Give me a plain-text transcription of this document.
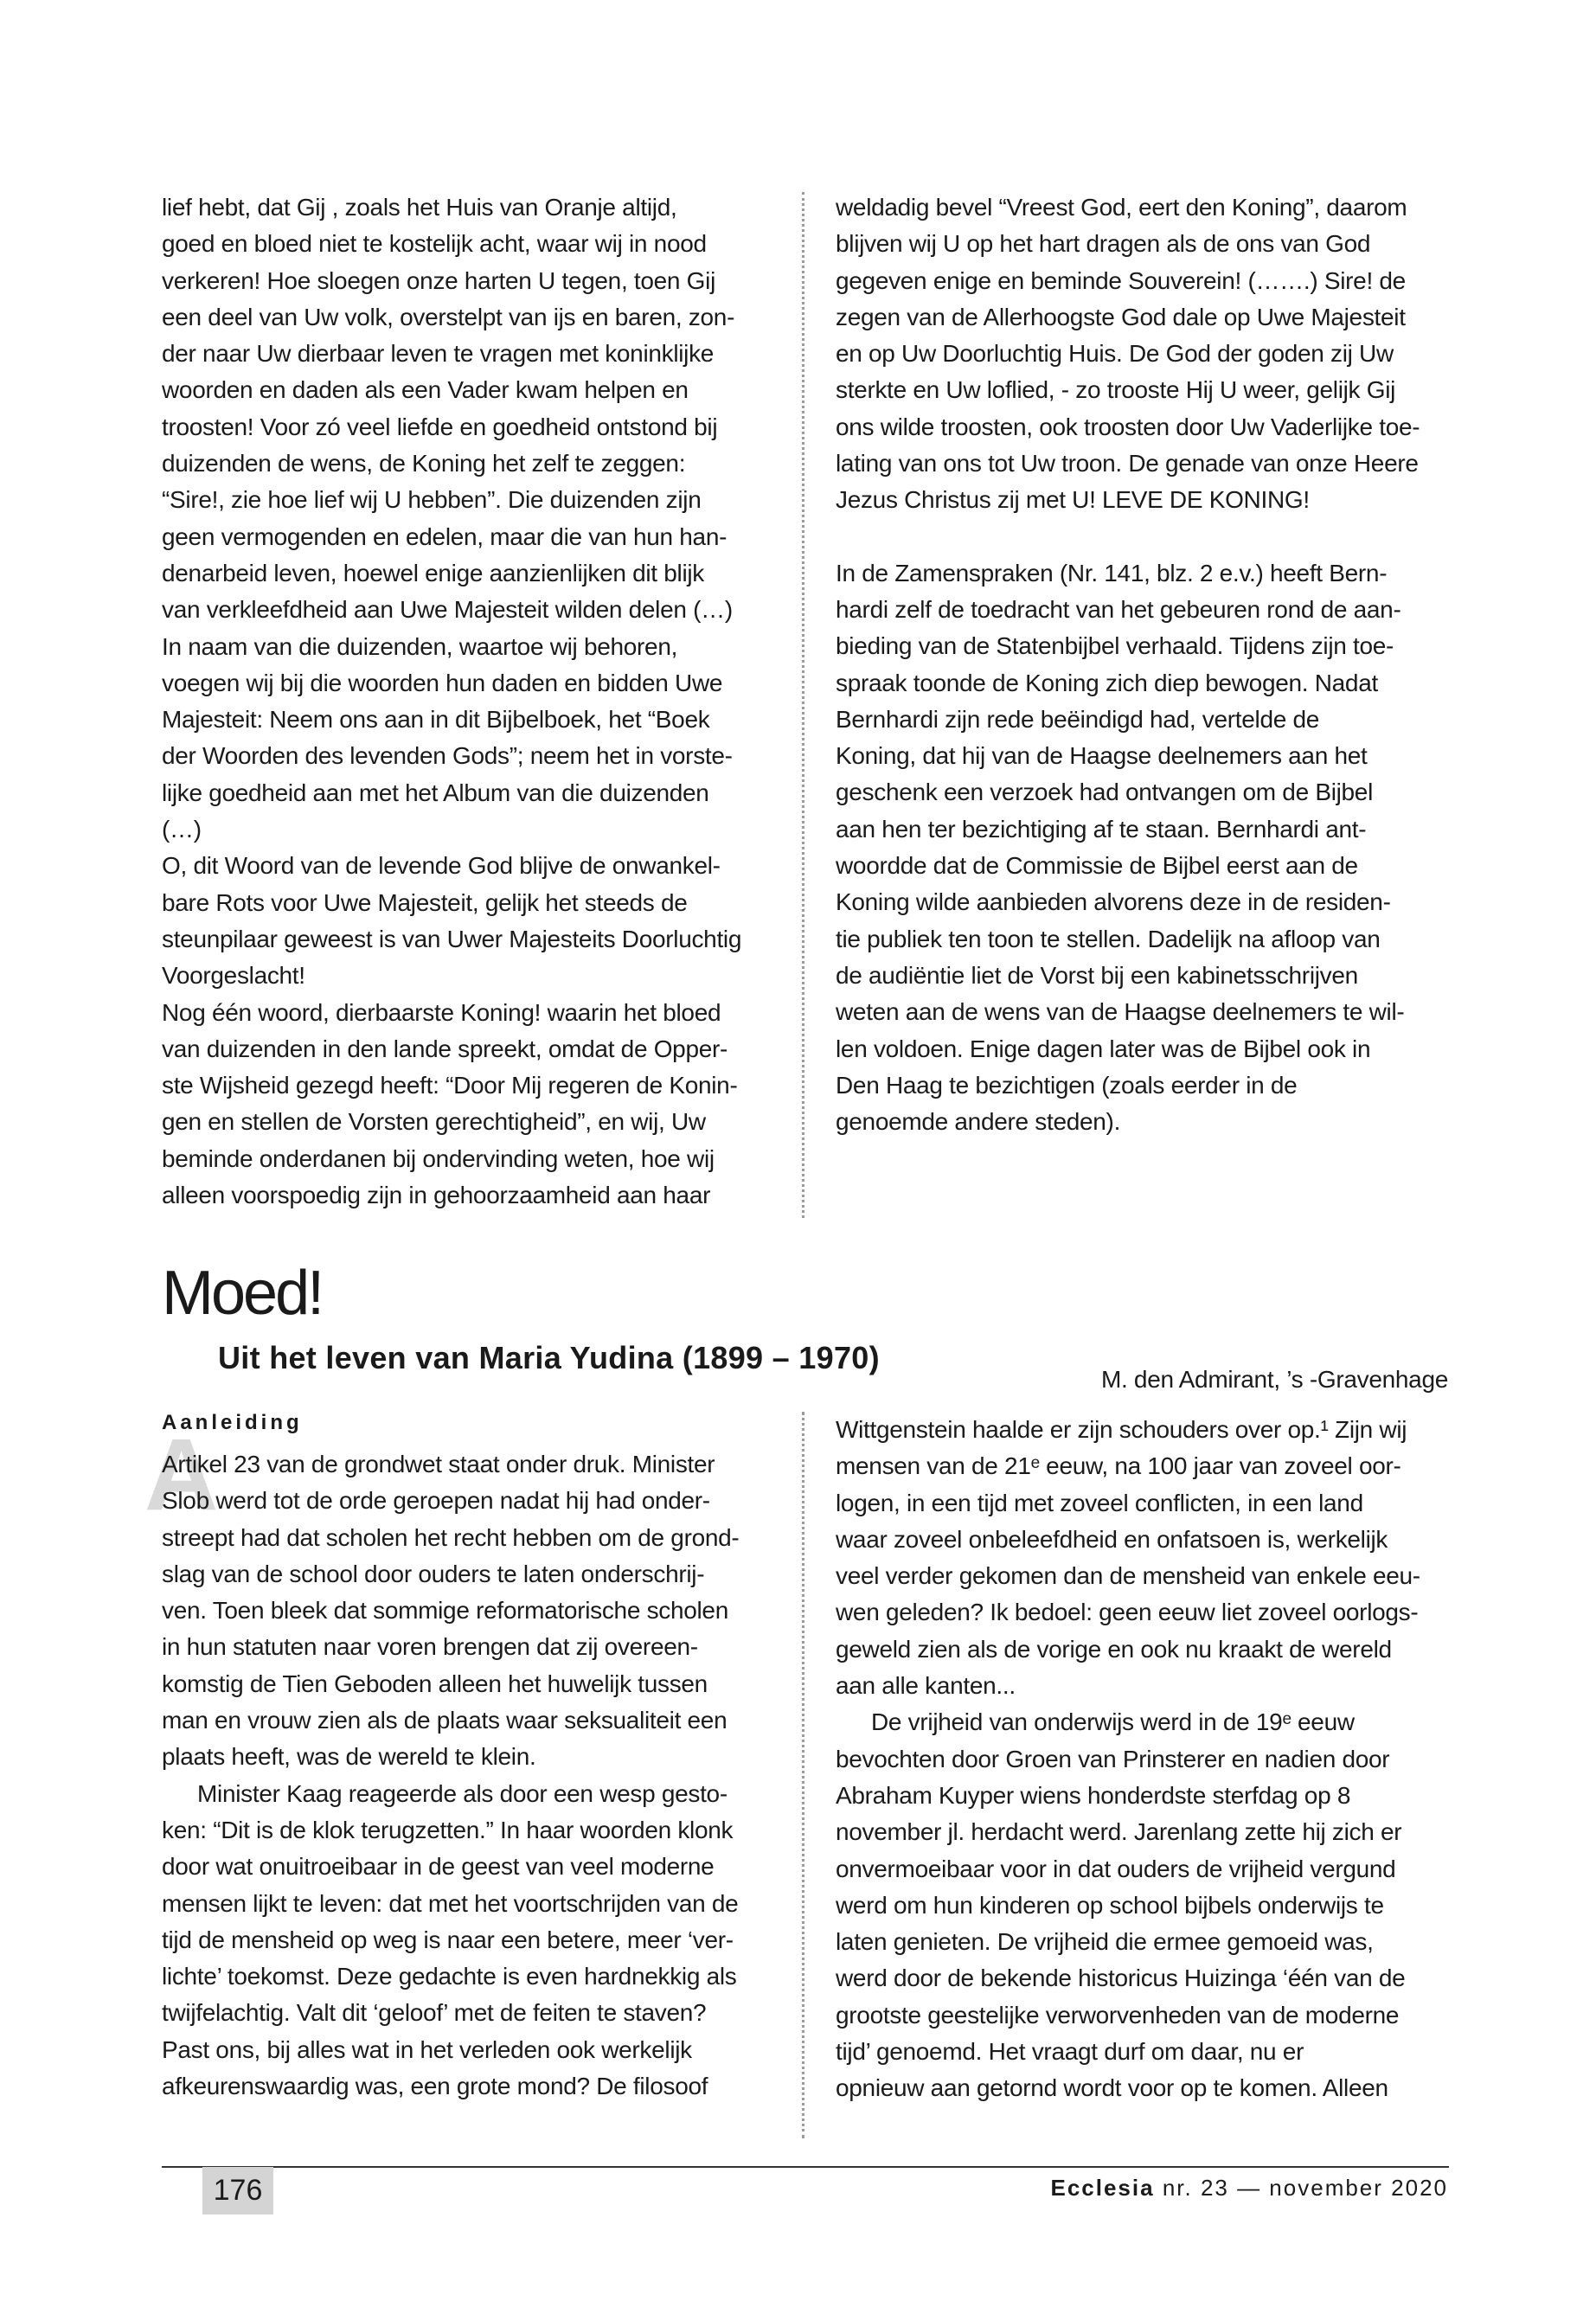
lief hebt, dat Gij , zoals het Huis van Oranje altijd,

goed en bloed niet te kostelijk acht, waar wij in nood

verkeren! Hoe sloegen onze harten U tegen, toen Gij

een deel van Uw volk, overstelpt van ijs en baren, zon-

der naar Uw dierbaar leven te vragen met koninklijke

woorden en daden als een Vader kwam helpen en

troosten! Voor zó veel liefde en goedheid ontstond bij

duizenden de wens, de Koning het zelf te zeggen:

“Sire!, zie hoe lief wij U hebben”. Die duizenden zijn

geen vermogenden en edelen, maar die van hun han-

denarbeid leven, hoewel enige aanzienlijken dit blijk

van verkleefdheid aan Uwe Majesteit wilden delen (…)

In naam van die duizenden, waartoe wij behoren,

voegen wij bij die woorden hun daden en bidden Uwe

Majesteit: Neem ons aan in dit Bijbelboek, het “Boek

der Woorden des levenden Gods”; neem het in vorste-

lijke goedheid aan met het Album van die duizenden

(…)

O, dit Woord van de levende God blijve de onwankel-

bare Rots voor Uwe Majesteit, gelijk het steeds de

steunpilaar geweest is van Uwer Majesteits Doorluchtig

Voorgeslacht!

Nog één woord, dierbaarste Koning! waarin het bloed

van duizenden in den lande spreekt, omdat de Opper-

ste Wijsheid gezegd heeft: “Door Mij regeren de Konin-

gen en stellen de Vorsten gerechtigheid”, en wij, Uw

beminde onderdanen bij ondervinding weten, hoe wij

alleen voorspoedig zijn in gehoorzaamheid aan haar

weldadig bevel “Vreest God, eert den Koning”, daarom

blijven wij U op het hart dragen als de ons van God

gegeven enige en beminde Souverein! (…….) Sire! de

zegen van de Allerhoogste God dale op Uwe Majesteit

en op Uw Doorluchtig Huis. De God der goden zij Uw

sterkte en Uw loflied, - zo trooste Hij U weer, gelijk Gij

ons wilde troosten, ook troosten door Uw Vaderlijke toe-

lating van ons tot Uw troon. De genade van onze Heere

Jezus Christus zij met U! LEVE DE KONING!

In de Zamenspraken (Nr. 141, blz. 2 e.v.) heeft Bern-

hardi zelf de toedracht van het gebeuren rond de aan-

bieding van de Statenbijbel verhaald. Tijdens zijn toe-

spraak toonde de Koning zich diep bewogen. Nadat

Bernhardi zijn rede beëindigd had, vertelde de

Koning, dat hij van de Haagse deelnemers aan het

geschenk een verzoek had ontvangen om de Bijbel

aan hen ter bezichtiging af te staan. Bernhardi ant-

woordde dat de Commissie de Bijbel eerst aan de

Koning wilde aanbieden alvorens deze in de residen-

tie publiek ten toon te stellen. Dadelijk na afloop van

de audiëntie liet de Vorst bij een kabinetsschrijven

weten aan de wens van de Haagse deelnemers te wil-

len voldoen. Enige dagen later was de Bijbel ook in

Den Haag te bezichtigen (zoals eerder in de

genoemde andere steden).

M. den Admirant, ’s -Gravenhage

Moed!
Uit het leven van Maria Yudina (1899 – 1970)
A
Aanleiding

Artikel 23 van de grondwet staat onder druk. Minister

Slob werd tot de orde geroepen nadat hij had onder-

streept had dat scholen het recht hebben om de grond-

slag van de school door ouders te laten onderschrij-

ven. Toen bleek dat sommige reformatorische scholen

in hun statuten naar voren brengen dat zij overeen-

komstig de Tien Geboden alleen het huwelijk tussen

man en vrouw zien als de plaats waar seksualiteit een

plaats heeft, was de wereld te klein.

Minister Kaag reageerde als door een wesp gesto-

ken: “Dit is de klok terugzetten.” In haar woorden klonk

door wat onuitroeibaar in de geest van veel moderne

mensen lijkt te leven: dat met het voortschrijden van de

tijd de mensheid op weg is naar een betere, meer ‘ver-

lichte’ toekomst. Deze gedachte is even hardnekkig als

twijfelachtig. Valt dit ‘geloof’ met de feiten te staven?

Past ons, bij alles wat in het verleden ook werkelijk

afkeurenswaardig was, een grote mond? De filosoof

Wittgenstein haalde er zijn schouders over op.¹ Zijn wij

mensen van de 21ᵉ eeuw, na 100 jaar van zoveel oor-

logen, in een tijd met zoveel conflicten, in een land

waar zoveel onbeleefdheid en onfatsoen is, werkelijk

veel verder gekomen dan de mensheid van enkele eeu-

wen geleden? Ik bedoel: geen eeuw liet zoveel oorlogs-

geweld zien als de vorige en ook nu kraakt de wereld

aan alle kanten...

De vrijheid van onderwijs werd in de 19ᵉ eeuw

bevochten door Groen van Prinsterer en nadien door

Abraham Kuyper wiens honderdste sterfdag op 8

november jl. herdacht werd. Jarenlang zette hij zich er

onvermoeibaar voor in dat ouders de vrijheid vergund

werd om hun kinderen op school bijbels onderwijs te

laten genieten. De vrijheid die ermee gemoeid was,

werd door de bekende historicus Huizinga ‘één van de

grootste geestelijke verworvenheden van de moderne

tijd’ genoemd. Het vraagt durf om daar, nu er

opnieuw aan getornd wordt voor op te komen. Alleen

176	Ecclesia nr. 23 — november 2020
